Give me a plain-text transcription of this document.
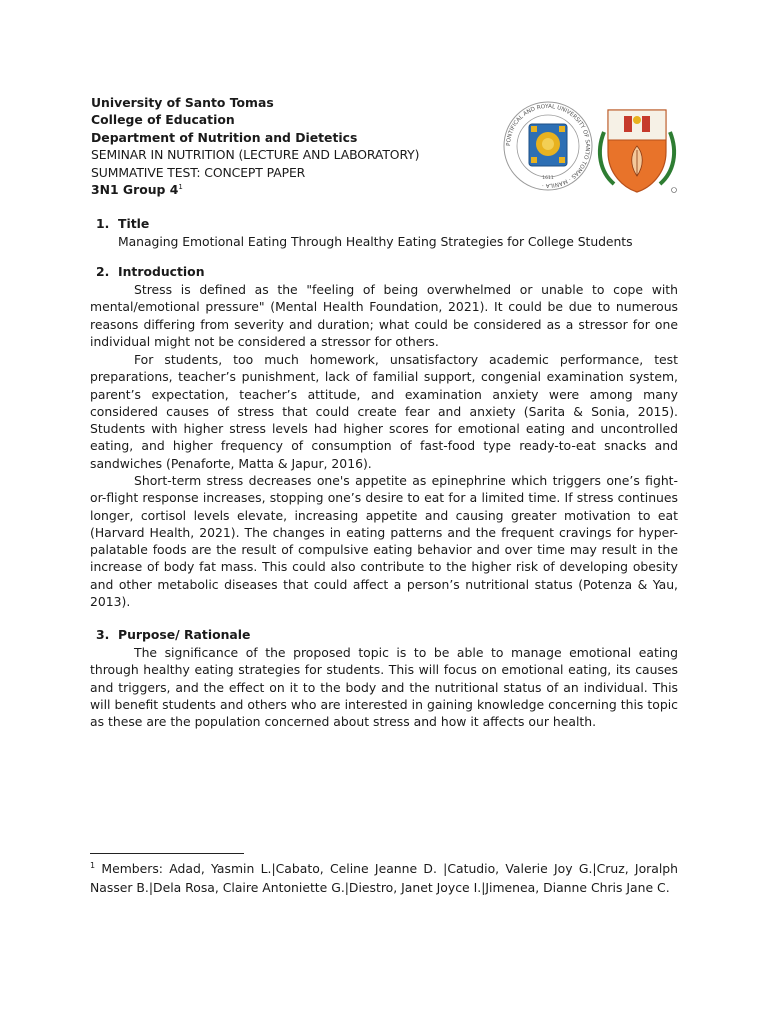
University of Santo Tomas
College of Education
Department of Nutrition and Dietetics
SEMINAR IN NUTRITION (LECTURE AND LABORATORY)
SUMMATIVE TEST: CONCEPT PAPER
3N1 Group $4^1$
PONTIFICAL AND ROYAL UNIVERSITY OF SANTO TOMAS · MANILA ·
1611
1. Title
Managing Emotional Eating Through Healthy Eating Strategies for College Students
2. Introduction

Stress is defined as the "feeling of being overwhelmed or unable to cope with mental/emotional pressure" (Mental Health Foundation, 2021). It could be due to numerous reasons differing from severity and duration; what could be considered as a stressor for one individual might not be considered a stressor for others.

For students, too much homework, unsatisfactory academic performance, test preparations, teacher’s punishment, lack of familial support, congenial examination system, parent’s expectation, teacher’s attitude, and examination anxiety were among many considered causes of stress that could create fear and anxiety (Sarita & Sonia, 2015). Students with higher stress levels had higher scores for emotional eating and uncontrolled eating, and higher frequency of consumption of fast-food type ready-to-eat snacks and sandwiches (Penaforte, Matta & Japur, 2016).

Short-term stress decreases one's appetite as epinephrine which triggers one’s fight-or-flight response increases, stopping one’s desire to eat for a limited time. If stress continues longer, cortisol levels elevate, increasing appetite and causing greater motivation to eat (Harvard Health, 2021). The changes in eating patterns and the frequent cravings for hyper-palatable foods are the result of compulsive eating behavior and over time may result in the increase of body fat mass. This could also contribute to the higher risk of developing obesity and other metabolic diseases that could affect a person’s nutritional status (Potenza & Yau, 2013).

3. Purpose/ Rationale

The significance of the proposed topic is to be able to manage emotional eating through healthy eating strategies for students. This will focus on emotional eating, its causes and triggers, and the effect on it to the body and the nutritional status of an individual. This will benefit students and others who are interested in gaining knowledge concerning this topic as these are the population concerned about stress and how it affects our health.

$^1$ Members: Adad, Yasmin L.|Cabato, Celine Jeanne D. |Catudio, Valerie Joy G.|Cruz, Joralph Nasser B.|Dela Rosa, Claire Antoniette G.|Diestro, Janet Joyce I.|Jimenea, Dianne Chris Jane C.
